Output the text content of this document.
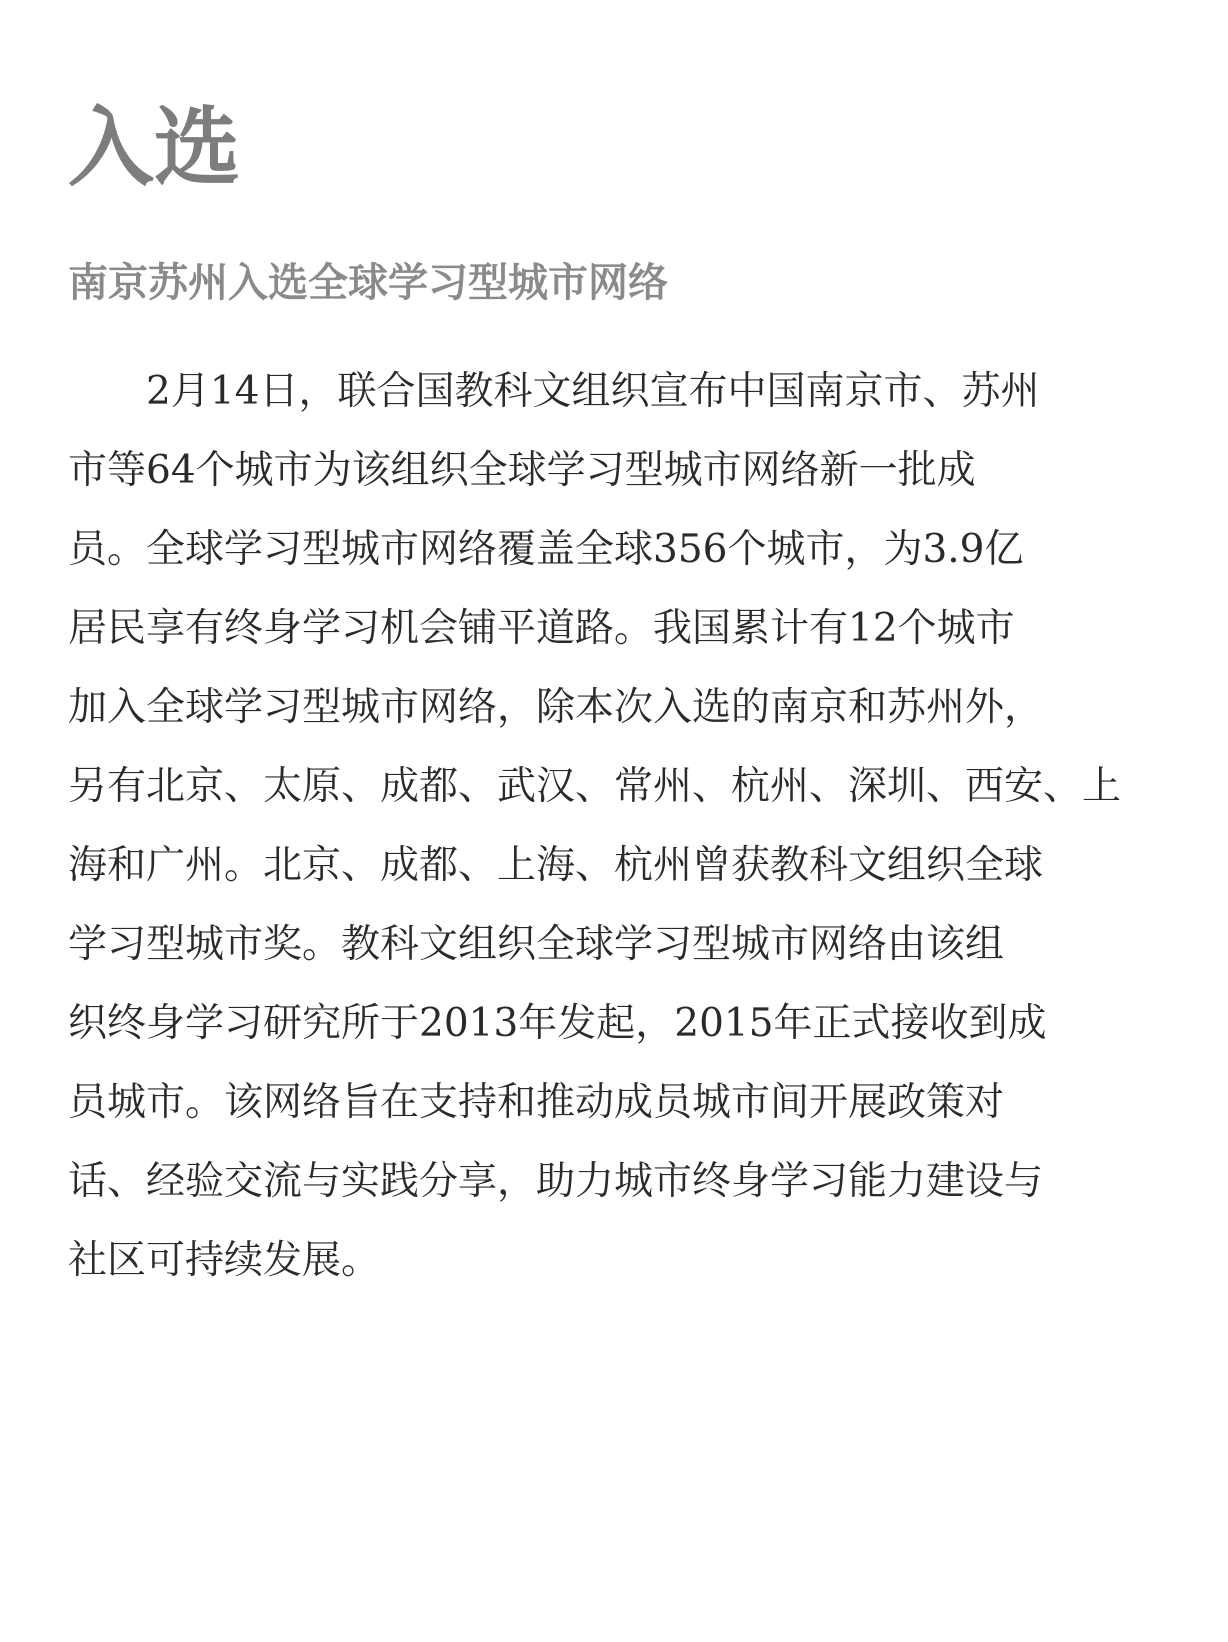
入选
南京苏州入选全球学习型城市网络
2月14日，联合国教科文组织宣布中国南京市、苏州
市等64个城市为该组织全球学习型城市网络新一批成
员。全球学习型城市网络覆盖全球356个城市，为3.9亿
居民享有终身学习机会铺平道路。我国累计有12个城市
加入全球学习型城市网络，除本次入选的南京和苏州外，
另有北京、太原、成都、武汉、常州、杭州、深圳、西安、上
海和广州。北京、成都、上海、杭州曾获教科文组织全球
学习型城市奖。教科文组织全球学习型城市网络由该组
织终身学习研究所于2013年发起，2015年正式接收到成
员城市。该网络旨在支持和推动成员城市间开展政策对
话、经验交流与实践分享，助力城市终身学习能力建设与
社区可持续发展。
